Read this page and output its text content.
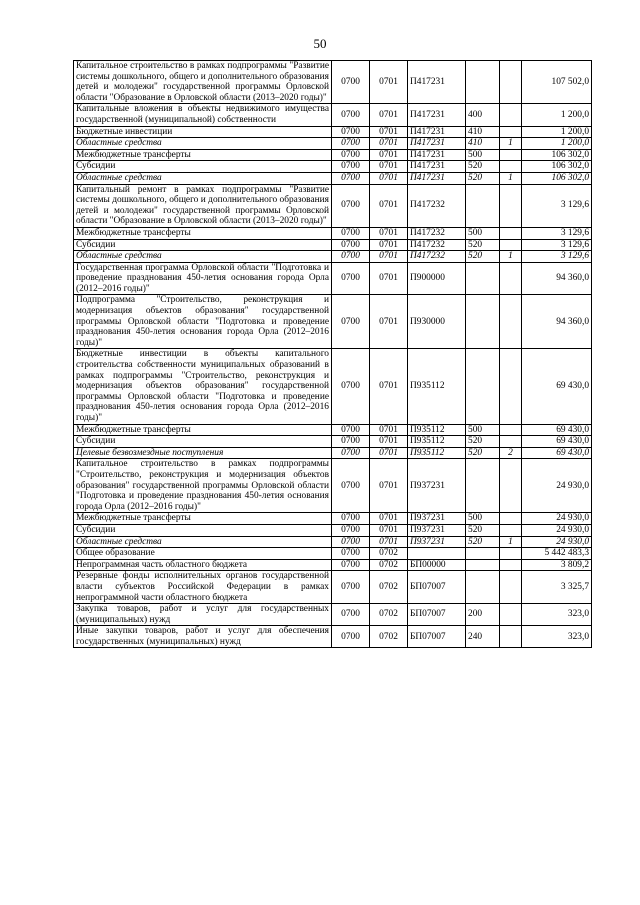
50
Капитальное строительство в рамках подпрограммы "Развитие системы дошкольного, общего и дополнительного образования детей и молодежи" государственной программы Орловской области "Образование в Орловской области (2013–2020 годы)"	0700	0701	П417231			107 502,0
Капитальные вложения в объекты недвижимого имущества государственной (муниципальной) собственности	0700	0701	П417231	400		1 200,0
Бюджетные инвестиции	0700	0701	П417231	410		1 200,0
Областные средства	0700	0701	П417231	410	1	1 200,0
Межбюджетные трансферты	0700	0701	П417231	500		106 302,0
Субсидии	0700	0701	П417231	520		106 302,0
Областные средства	0700	0701	П417231	520	1	106 302,0
Капитальный ремонт в рамках подпрограммы "Развитие системы дошкольного, общего и дополнительного образования детей и молодежи" государственной программы Орловской области "Образование в Орловской области (2013–2020 годы)"	0700	0701	П417232			3 129,6
Межбюджетные трансферты	0700	0701	П417232	500		3 129,6
Субсидии	0700	0701	П417232	520		3 129,6
Областные средства	0700	0701	П417232	520	1	3 129,6
Государственная программа Орловской области "Подготовка и проведение празднования 450-летия основания города Орла (2012–2016 годы)"	0700	0701	П900000			94 360,0
Подпрограмма "Строительство, реконструкция и модернизация объектов образования" государственной программы Орловской области "Подготовка и проведение празднования 450-летия основания города Орла (2012–2016 годы)"	0700	0701	П930000			94 360,0
Бюджетные инвестиции в объекты капитального строительства собственности муниципальных образований в рамках подпрограммы "Строительство, реконструкция и модернизация объектов образования" государственной программы Орловской области "Подготовка и проведение празднования 450-летия основания города Орла (2012–2016 годы)"	0700	0701	П935112			69 430,0
Межбюджетные трансферты	0700	0701	П935112	500		69 430,0
Субсидии	0700	0701	П935112	520		69 430,0
Целевые безвозмездные поступления	0700	0701	П935112	520	2	69 430,0
Капитальное строительство в рамках подпрограммы "Строительство, реконструкция и модернизация объектов образования" государственной программы Орловской области "Подготовка и проведение празднования 450-летия основания города Орла (2012–2016 годы)"	0700	0701	П937231			24 930,0
Межбюджетные трансферты	0700	0701	П937231	500		24 930,0
Субсидии	0700	0701	П937231	520		24 930,0
Областные средства	0700	0701	П937231	520	1	24 930,0
Общее образование	0700	0702				5 442 483,3
Непрограммная часть областного бюджета	0700	0702	БП00000			3 809,2
Резервные фонды исполнительных органов государственной власти субъектов Российской Федерации в рамках непрограммной части областного бюджета	0700	0702	БП07007			3 325,7
Закупка товаров, работ и услуг для государственных (муниципальных) нужд	0700	0702	БП07007	200		323,0
Иные закупки товаров, работ и услуг для обеспечения государственных (муниципальных) нужд	0700	0702	БП07007	240		323,0
